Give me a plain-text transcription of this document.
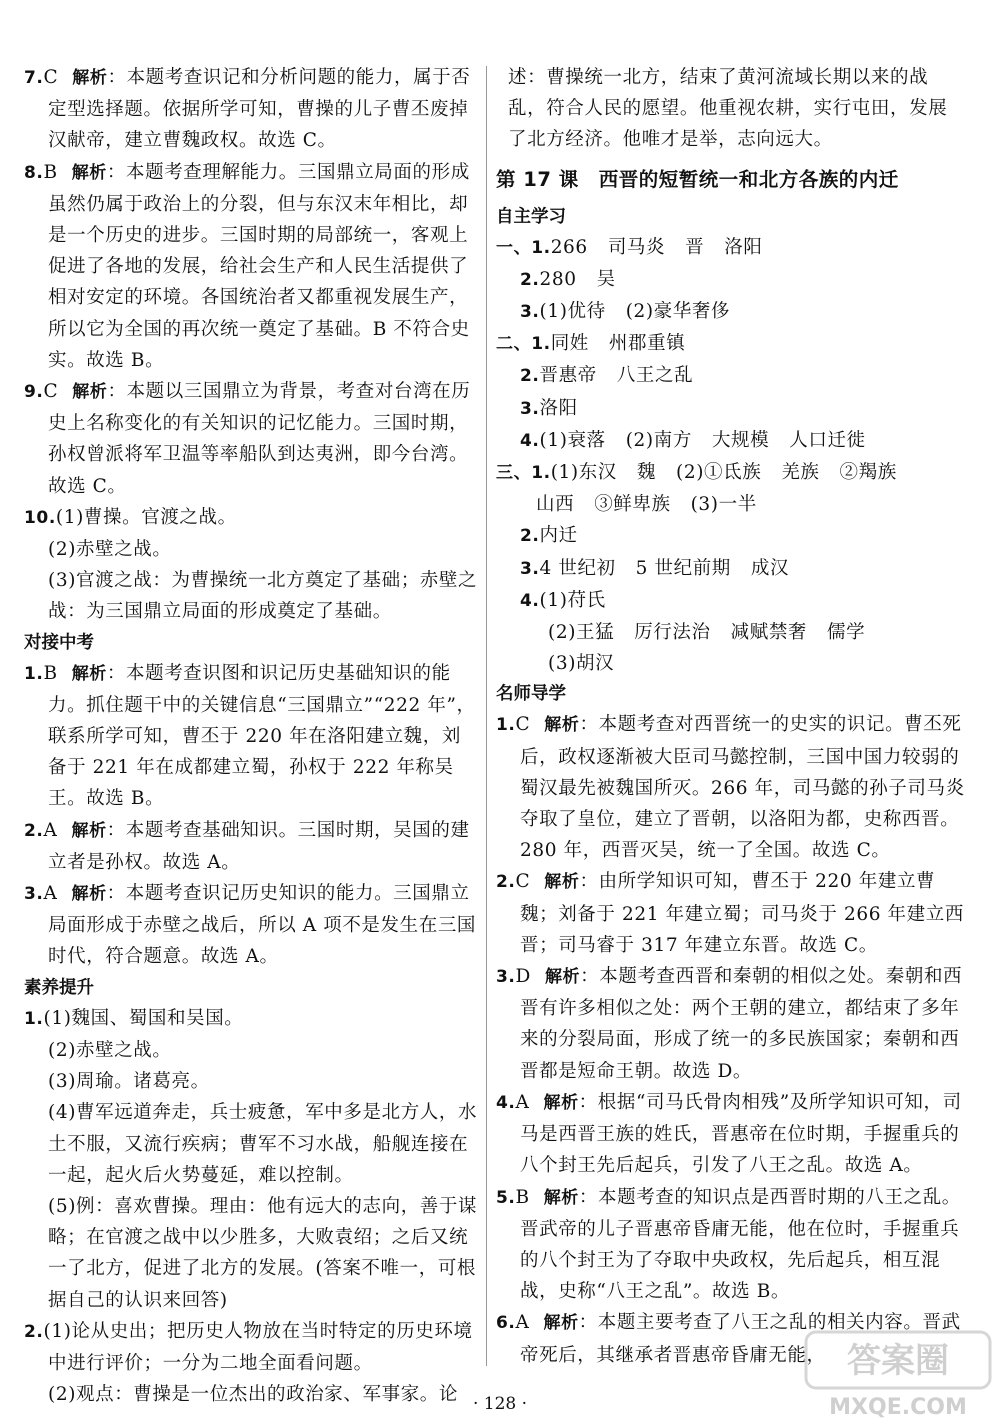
7.C 解析：本题考查识记和分析问题的能力，属于否定型选择题。依据所学可知，曹操的儿子曹丕废掉汉献帝，建立曹魏政权。故选 C。

8.B 解析：本题考查理解能力。三国鼎立局面的形成虽然仍属于政治上的分裂，但与东汉末年相比，却是一个历史的进步。三国时期的局部统一，客观上促进了各地的发展，给社会生产和人民生活提供了相对安定的环境。各国统治者又都重视发展生产，所以它为全国的再次统一奠定了基础。B 不符合史实。故选 B。

9.C 解析：本题以三国鼎立为背景，考查对台湾在历史上名称变化的有关知识的记忆能力。三国时期，孙权曾派将军卫温等率船队到达夷洲，即今台湾。故选 C。

10.(1)曹操。官渡之战。

(2)赤壁之战。

(3)官渡之战：为曹操统一北方奠定了基础；赤壁之战：为三国鼎立局面的形成奠定了基础。

对接中考

1.B 解析：本题考查识图和识记历史基础知识的能力。抓住题干中的关键信息“三国鼎立”“222 年”，联系所学可知，曹丕于 220 年在洛阳建立魏，刘备于 221 年在成都建立蜀，孙权于 222 年称吴王。故选 B。

2.A 解析：本题考查基础知识。三国时期，吴国的建立者是孙权。故选 A。

3.A 解析：本题考查识记历史知识的能力。三国鼎立局面形成于赤壁之战后，所以 A 项不是发生在三国时代，符合题意。故选 A。

素养提升

1.(1)魏国、蜀国和吴国。

(2)赤壁之战。

(3)周瑜。诸葛亮。

(4)曹军远道奔走，兵士疲惫，军中多是北方人，水土不服，又流行疾病；曹军不习水战，船舰连接在一起，起火后火势蔓延，难以控制。

(5)例：喜欢曹操。理由：他有远大的志向，善于谋略；在官渡之战中以少胜多，大败袁绍；之后又统一了北方，促进了北方的发展。(答案不唯一，可根据自己的认识来回答)

2.(1)论从史出；把历史人物放在当时特定的历史环境中进行评价；一分为二地全面看问题。

(2)观点：曹操是一位杰出的政治家、军事家。论

述：曹操统一北方，结束了黄河流域长期以来的战乱，符合人民的愿望。他重视农耕，实行屯田，发展了北方经济。他唯才是举，志向远大。

第 17 课　西晋的短暂统一和北方各族的内迁

自主学习

一、1.266 司马炎 晋 洛阳

2.280 吴

3.(1)优待 (2)豪华奢侈

二、1.同姓 州郡重镇

2.晋惠帝 八王之乱

3.洛阳

4.(1)衰落 (2)南方 大规模 人口迁徙

三、1.(1)东汉 魏 (2)①氐族 羌族 ②羯族

山西 ③鲜卑族 (3)一半

2.内迁

3.4 世纪初 5 世纪前期 成汉

4.(1)苻氏

(2)王猛 厉行法治 减赋禁奢 儒学

(3)胡汉

名师导学

1.C 解析：本题考查对西晋统一的史实的识记。曹丕死后，政权逐渐被大臣司马懿控制，三国中国力较弱的蜀汉最先被魏国所灭。266 年，司马懿的孙子司马炎夺取了皇位，建立了晋朝，以洛阳为都，史称西晋。280 年，西晋灭吴，统一了全国。故选 C。

2.C 解析：由所学知识可知，曹丕于 220 年建立曹魏；刘备于 221 年建立蜀；司马炎于 266 年建立西晋；司马睿于 317 年建立东晋。故选 C。

3.D 解析：本题考查西晋和秦朝的相似之处。秦朝和西晋有许多相似之处：两个王朝的建立，都结束了多年来的分裂局面，形成了统一的多民族国家；秦朝和西晋都是短命王朝。故选 D。

4.A 解析：根据“司马氏骨肉相残”及所学知识可知，司马是西晋王族的姓氏，晋惠帝在位时期，手握重兵的八个封王先后起兵，引发了八王之乱。故选 A。

5.B 解析：本题考查的知识点是西晋时期的八王之乱。晋武帝的儿子晋惠帝昏庸无能，他在位时，手握重兵的八个封王为了夺取中央政权，先后起兵，相互混战，史称“八王之乱”。故选 B。

6.A 解析：本题主要考查了八王之乱的相关内容。晋武帝死后，其继承者晋惠帝昏庸无能，

· 128 ·
答案圈
MXQE.COM
